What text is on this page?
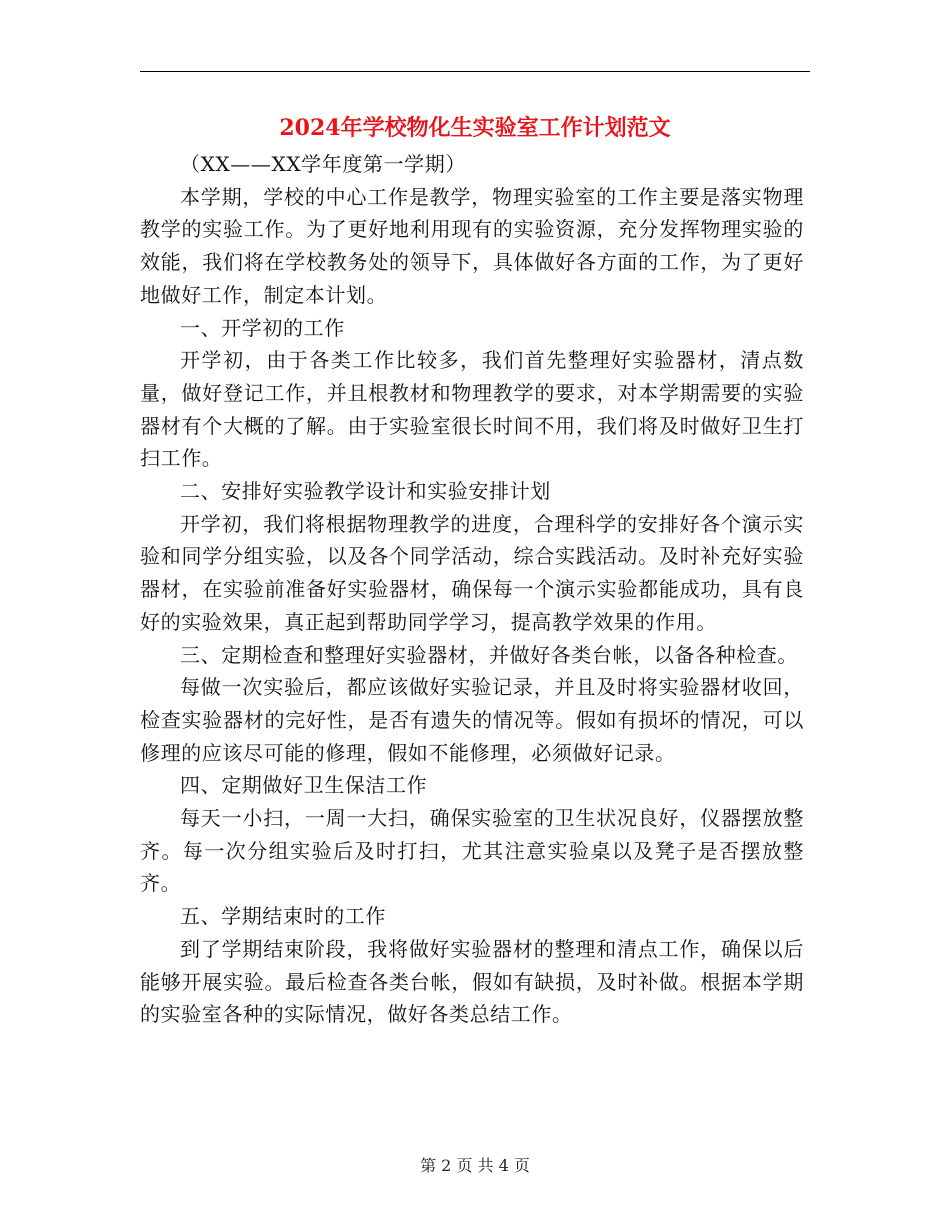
2024年学校物化生实验室工作计划范文

（XX——XX学年度第一学期）

本学期，学校的中心工作是教学，物理实验室的工作主要是落实物理教学的实验工作。为了更好地利用现有的实验资源，充分发挥物理实验的效能，我们将在学校教务处的领导下，具体做好各方面的工作，为了更好地做好工作，制定本计划。

一、开学初的工作

开学初，由于各类工作比较多，我们首先整理好实验器材，清点数量，做好登记工作，并且根教材和物理教学的要求，对本学期需要的实验器材有个大概的了解。由于实验室很长时间不用，我们将及时做好卫生打扫工作。

二、安排好实验教学设计和实验安排计划

开学初，我们将根据物理教学的进度，合理科学的安排好各个演示实验和同学分组实验，以及各个同学活动，综合实践活动。及时补充好实验器材，在实验前准备好实验器材，确保每一个演示实验都能成功，具有良好的实验效果，真正起到帮助同学学习，提高教学效果的作用。

三、定期检查和整理好实验器材，并做好各类台帐，以备各种检查。

每做一次实验后，都应该做好实验记录，并且及时将实验器材收回，检查实验器材的完好性，是否有遗失的情况等。假如有损坏的情况，可以修理的应该尽可能的修理，假如不能修理，必须做好记录。

四、定期做好卫生保洁工作

每天一小扫，一周一大扫，确保实验室的卫生状况良好，仪器摆放整齐。每一次分组实验后及时打扫，尤其注意实验桌以及凳子是否摆放整齐。

五、学期结束时的工作

到了学期结束阶段，我将做好实验器材的整理和清点工作，确保以后能够开展实验。最后检查各类台帐，假如有缺损，及时补做。根据本学期的实验室各种的实际情况，做好各类总结工作。

第 2 页 共 4 页
